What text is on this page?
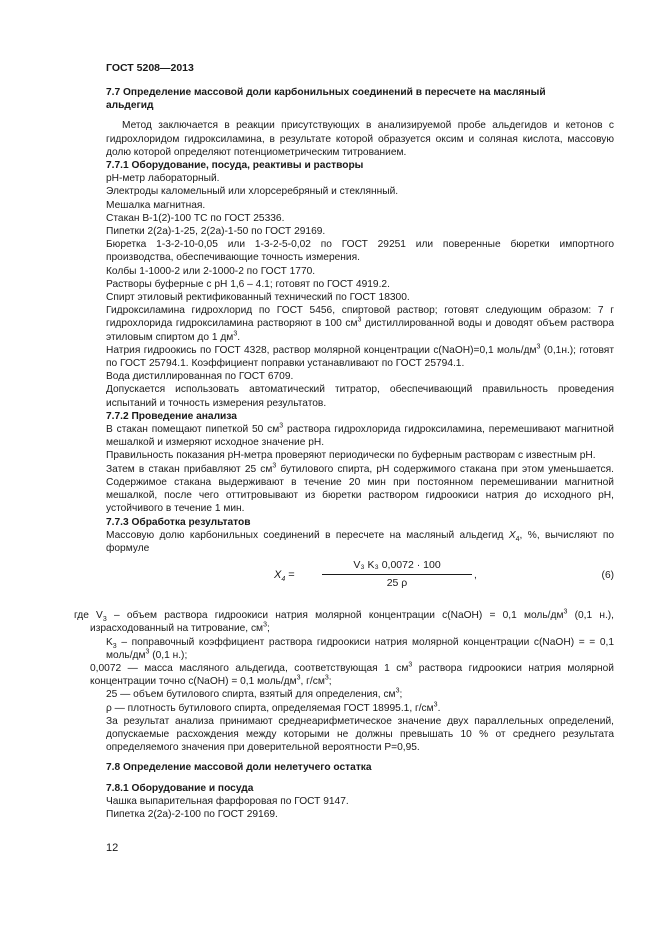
ГОСТ 5208—2013

7.7 Определение массовой доли карбонильных соединений в пересчете на масляный
альдегид

Метод заключается в реакции присутствующих в анализируемой пробе альдегидов и кетонов с гидрохлоридом гидроксиламина, в результате которой образуется оксим и соляная кислота, массовую долю которой определяют потенциометрическим титрованием.

7.7.1 Оборудование, посуда, реактивы и растворы

рН-метр лабораторный.

Электроды каломельный или хлорсеребряный и стеклянный.

Мешалка магнитная.

Стакан В-1(2)-100 ТС по ГОСТ 25336.

Пипетки 2(2а)-1-25, 2(2а)-1-50 по ГОСТ 29169.

Бюретка 1-3-2-10-0,05 или 1-3-2-5-0,02 по ГОСТ 29251 или поверенные бюретки импортного производства, обеспечивающие точность измерения.

Колбы 1-1000-2 или 2-1000-2 по ГОСТ 1770.

Растворы буферные с рН 1,6 – 4.1; готовят по ГОСТ 4919.2.

Спирт этиловый ректификованный технический по ГОСТ 18300.

Гидроксиламина гидрохлорид по ГОСТ 5456, спиртовой раствор; готовят следующим образом: 7 г гидрохлорида гидроксиламина растворяют в 100 $см^3$ дистиллированной воды и доводят объем раствора этиловым спиртом до 1 $дм^3$.

Натрия гидроокись по ГОСТ 4328, раствор молярной концентрации c(NaOH)=0,1 моль/$дм^3$ (0,1н.); готовят по ГОСТ 25794.1. Коэффициент поправки устанавливают по ГОСТ 25794.1.

Вода дистиллированная по ГОСТ 6709.

Допускается использовать автоматический титратор, обеспечивающий правильность проведения испытаний и точность измерения результатов.

7.7.2 Проведение анализа

В стакан помещают пипеткой 50 $см^3$ раствора гидрохлорида гидроксиламина, перемешивают магнитной мешалкой и измеряют исходное значение рН.

Правильность показания рН-метра проверяют периодически по буферным растворам с известным рН.

Затем в стакан прибавляют 25 $см^3$ бутилового спирта, рН содержимого стакана при этом уменьшается. Содержимое стакана выдерживают в течение 20 мин при постоянном перемешивании магнитной мешалкой, после чего оттитровывают из бюретки раствором гидроокиси натрия до исходного рН, устойчивого в течение 1 мин.

7.7.3 Обработка результатов

Массовую долю карбонильных соединений в пересчете на масляный альдегид $X_4$, %, вычисляют по формуле

$X_4$ =	$\frac{\text{V₃ K₃ 0,0072 · 100}}{25 \rho}$ ,	(6)

где $V_3$ – объем раствора гидроокиси натрия молярной концентрации c(NaOH) = 0,1 моль/$дм^3$ (0,1 н.), израсходованный на титрование, $см^3$;

$K_3$ – поправочный коэффициент раствора гидроокиси натрия молярной концентрации c(NaOH) = = 0,1 моль/$дм^3$ (0,1 н.);

0,0072 — масса масляного альдегида, соответствующая 1 $см^3$ раствора гидроокиси натрия молярной концентрации точно c(NaOH) = 0,1 моль/$дм^3$, $г/см^3$;

25 — объем бутилового спирта, взятый для определения, $см^3$;

ρ — плотность бутилового спирта, определяемая ГОСТ 18995.1, $г/см^3$.

За результат анализа принимают среднеарифметическое значение двух параллельных определений, допускаемые расхождения между которыми не должны превышать 10 % от среднего результата определяемого значения при доверительной вероятности P=0,95.

7.8 Определение массовой доли нелетучего остатка

7.8.1 Оборудование и посуда

Чашка выпарительная фарфоровая по ГОСТ 9147.

Пипетка 2(2а)-2-100 по ГОСТ 29169.

12
